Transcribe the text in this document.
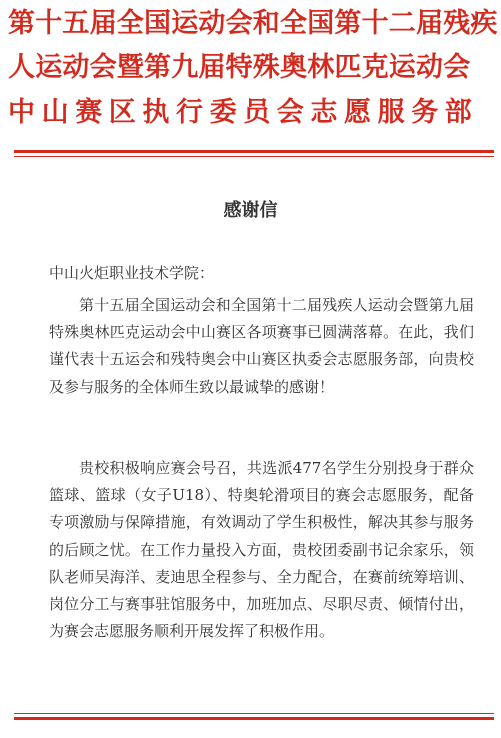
第十五届全国运动会和全国第十二届残疾
人运动会暨第九届特殊奥林匹克运动会
中山赛区执行委员会志愿服务部
感谢信
中山火炬职业技术学院：

第十五届全国运动会和全国第十二届残疾人运动会暨第九届特殊奥林匹克运动会中山赛区各项赛事已圆满落幕。在此，我们谨代表十五运会和残特奥会中山赛区执委会志愿服务部，向贵校及参与服务的全体师生致以最诚挚的感谢！

贵校积极响应赛会号召，共选派477名学生分别投身于群众篮球、篮球（女子U18）、特奥轮滑项目的赛会志愿服务，配备专项激励与保障措施，有效调动了学生积极性，解决其参与服务的后顾之忧。在工作力量投入方面，贵校团委副书记余家乐，领队老师吴海洋、麦迪思全程参与、全力配合，在赛前统筹培训、岗位分工与赛事驻馆服务中，加班加点、尽职尽责、倾情付出，为赛会志愿服务顺利开展发挥了积极作用。
